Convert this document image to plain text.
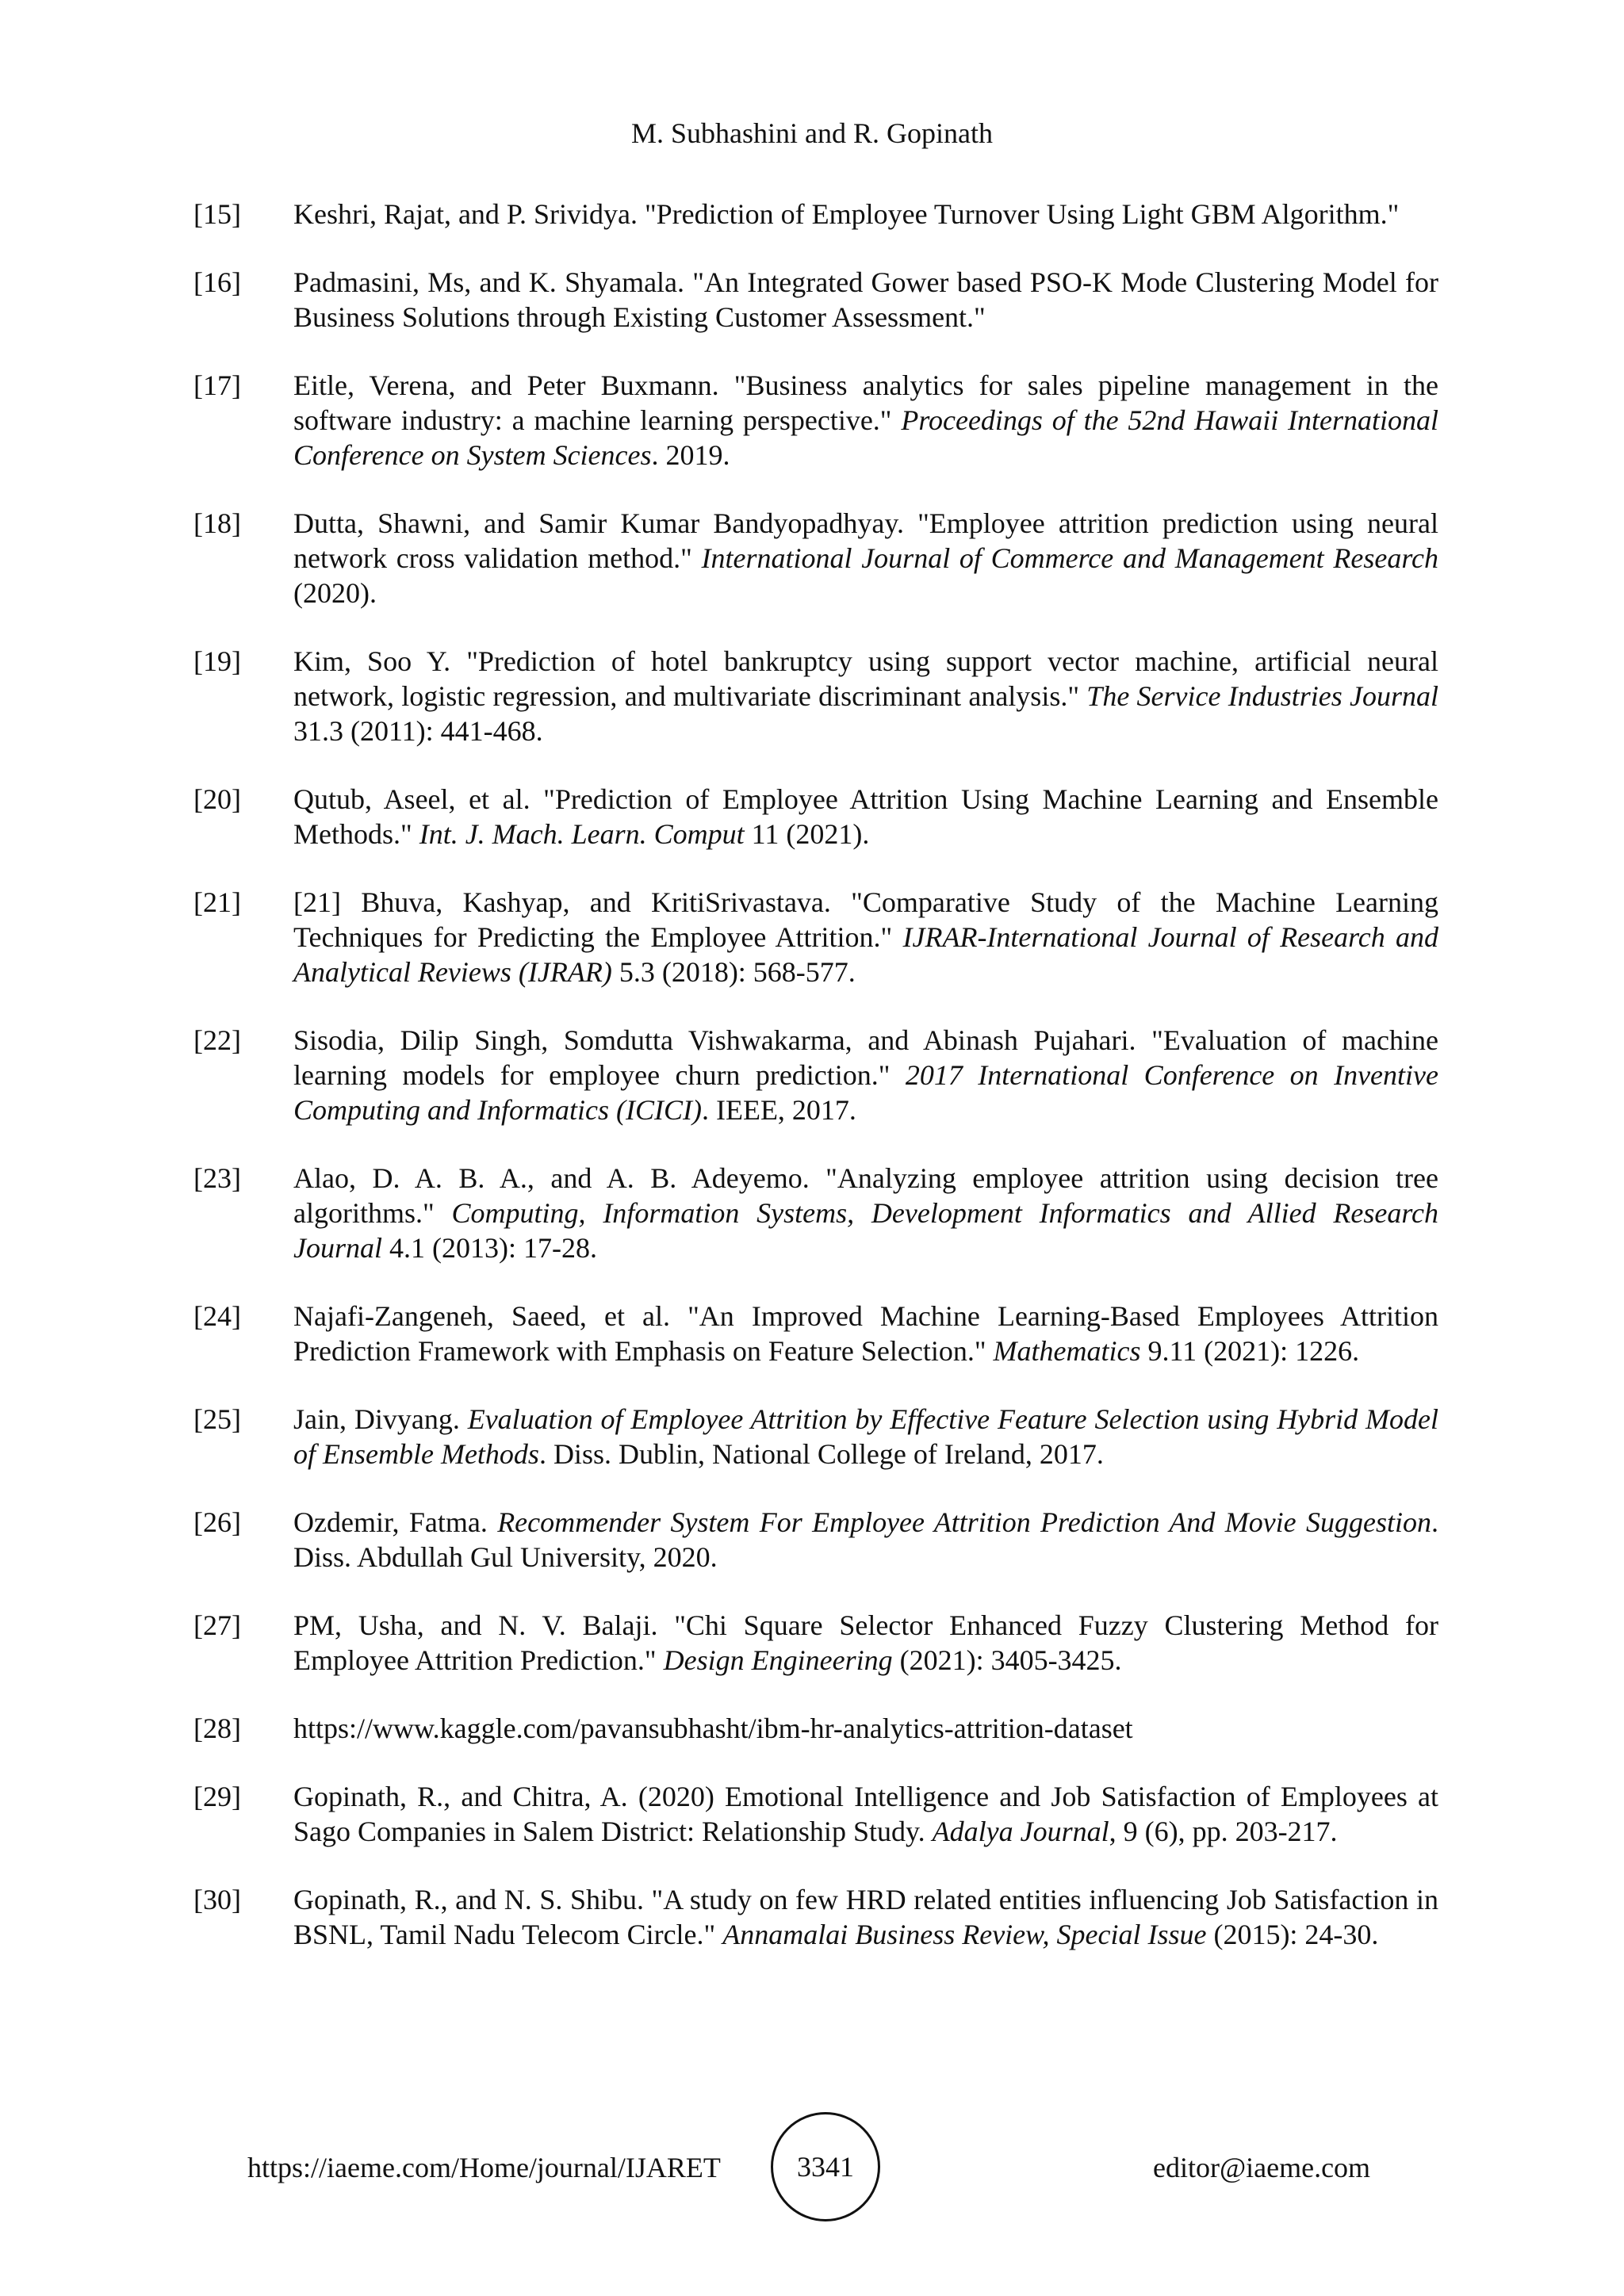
M. Subhashini and R. Gopinath
[15]	Keshri, Rajat, and P. Srividya. "Prediction of Employee Turnover Using Light GBM Algorithm."
[16]	Padmasini, Ms, and K. Shyamala. "An Integrated Gower based PSO-K Mode Clustering Model for Business Solutions through Existing Customer Assessment."
[17]	Eitle, Verena, and Peter Buxmann. "Business analytics for sales pipeline management in the software industry: a machine learning perspective." Proceedings of the 52nd Hawaii International Conference on System Sciences. 2019.
[18]	Dutta, Shawni, and Samir Kumar Bandyopadhyay. "Employee attrition prediction using neural network cross validation method." International Journal of Commerce and Management Research (2020).
[19]	Kim, Soo Y. "Prediction of hotel bankruptcy using support vector machine, artificial neural network, logistic regression, and multivariate discriminant analysis." The Service Industries Journal 31.3 (2011): 441-468.
[20]	Qutub, Aseel, et al. "Prediction of Employee Attrition Using Machine Learning and Ensemble Methods." Int. J. Mach. Learn. Comput 11 (2021).
[21]	[21] Bhuva, Kashyap, and KritiSrivastava. "Comparative Study of the Machine Learning Techniques for Predicting the Employee Attrition." IJRAR-International Journal of Research and Analytical Reviews (IJRAR) 5.3 (2018): 568-577.
[22]	Sisodia, Dilip Singh, Somdutta Vishwakarma, and Abinash Pujahari. "Evaluation of machine learning models for employee churn prediction." 2017 International Conference on Inventive Computing and Informatics (ICICI). IEEE, 2017.
[23]	Alao, D. A. B. A., and A. B. Adeyemo. "Analyzing employee attrition using decision tree algorithms." Computing, Information Systems, Development Informatics and Allied Research Journal 4.1 (2013): 17-28.
[24]	Najafi-Zangeneh, Saeed, et al. "An Improved Machine Learning-Based Employees Attrition Prediction Framework with Emphasis on Feature Selection." Mathematics 9.11 (2021): 1226.
[25]	Jain, Divyang. Evaluation of Employee Attrition by Effective Feature Selection using Hybrid Model of Ensemble Methods. Diss. Dublin, National College of Ireland, 2017.
[26]	Ozdemir, Fatma. Recommender System For Employee Attrition Prediction And Movie Suggestion. Diss. Abdullah Gul University, 2020.
[27]	PM, Usha, and N. V. Balaji. "Chi Square Selector Enhanced Fuzzy Clustering Method for Employee Attrition Prediction." Design Engineering (2021): 3405-3425.
[28]	https://www.kaggle.com/pavansubhasht/ibm-hr-analytics-attrition-dataset
[29]	Gopinath, R., and Chitra, A. (2020) Emotional Intelligence and Job Satisfaction of Employees at Sago Companies in Salem District: Relationship Study. Adalya Journal, 9 (6), pp. 203-217.
[30]	Gopinath, R., and N. S. Shibu. "A study on few HRD related entities influencing Job Satisfaction in BSNL, Tamil Nadu Telecom Circle." Annamalai Business Review, Special Issue (2015): 24-30.
https://iaeme.com/Home/journal/IJARET	3341	editor@iaeme.com
